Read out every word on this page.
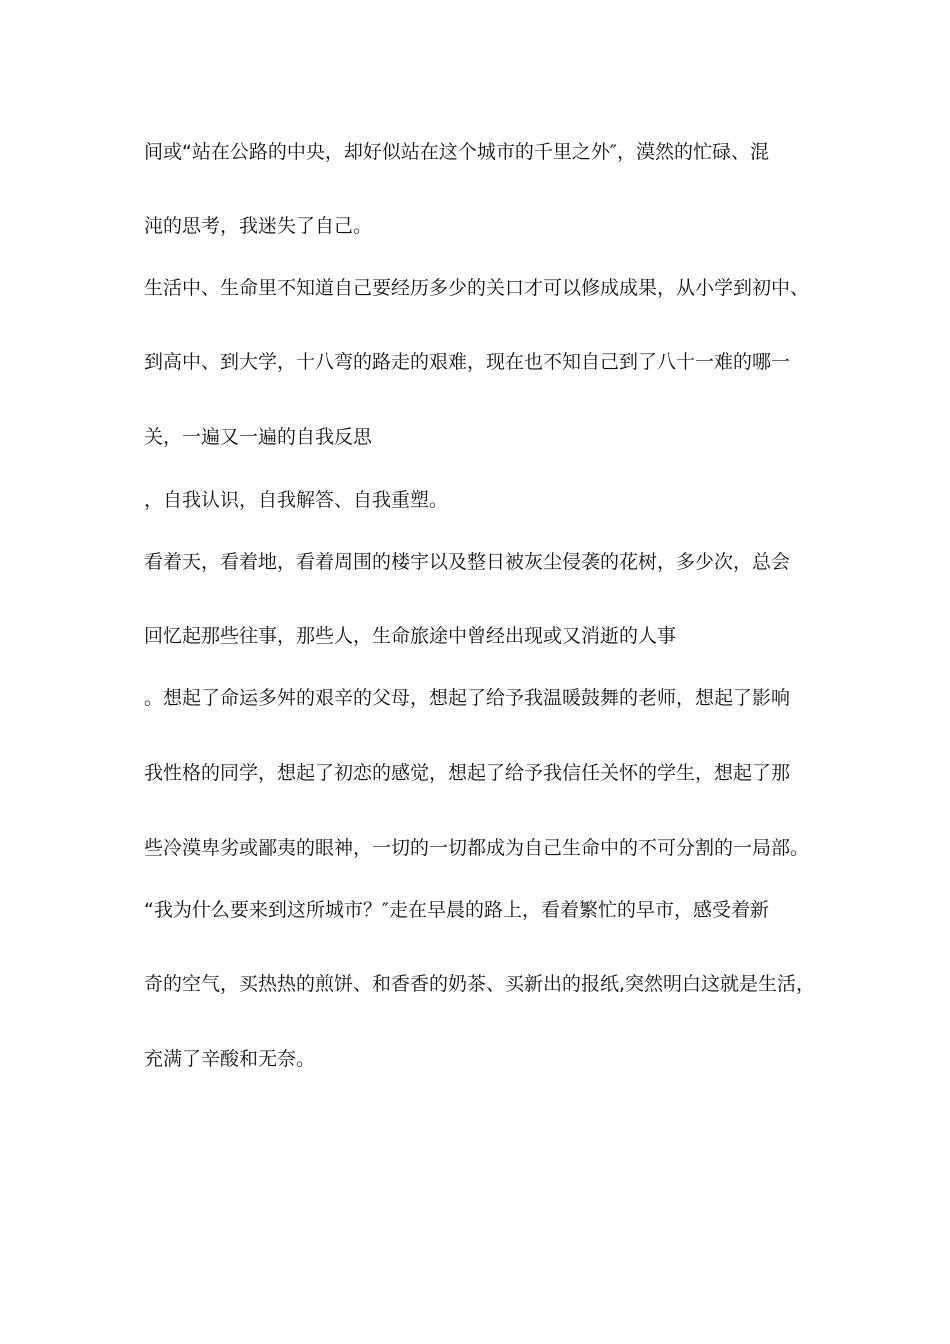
间或“站在公路的中央，却好似站在这个城市的千里之外″，漠然的忙碌、混
沌的思考，我迷失了自己。
生活中、生命里不知道自己要经历多少的关口才可以修成成果，从小学到初中、
到高中、到大学，十八弯的路走的艰难，现在也不知自己到了八十一难的哪一
关，一遍又一遍的自我反思
，自我认识，自我解答、自我重塑。
看着天，看着地，看着周围的楼宇以及整日被灰尘侵袭的花树，多少次，总会
回忆起那些往事，那些人，生命旅途中曾经出现或又消逝的人事
。想起了命运多舛的艰辛的父母，想起了给予我温暖鼓舞的老师，想起了影响
我性格的同学，想起了初恋的感觉，想起了给予我信任关怀的学生，想起了那
些冷漠卑劣或鄙夷的眼神，一切的一切都成为自己生命中的不可分割的一局部。
“我为什么要来到这所城市？″走在早晨的路上，看着繁忙的早市，感受着新
奇的空气，买热热的煎饼、和香香的奶茶、买新出的报纸,突然明白这就是生活，
充满了辛酸和无奈。
